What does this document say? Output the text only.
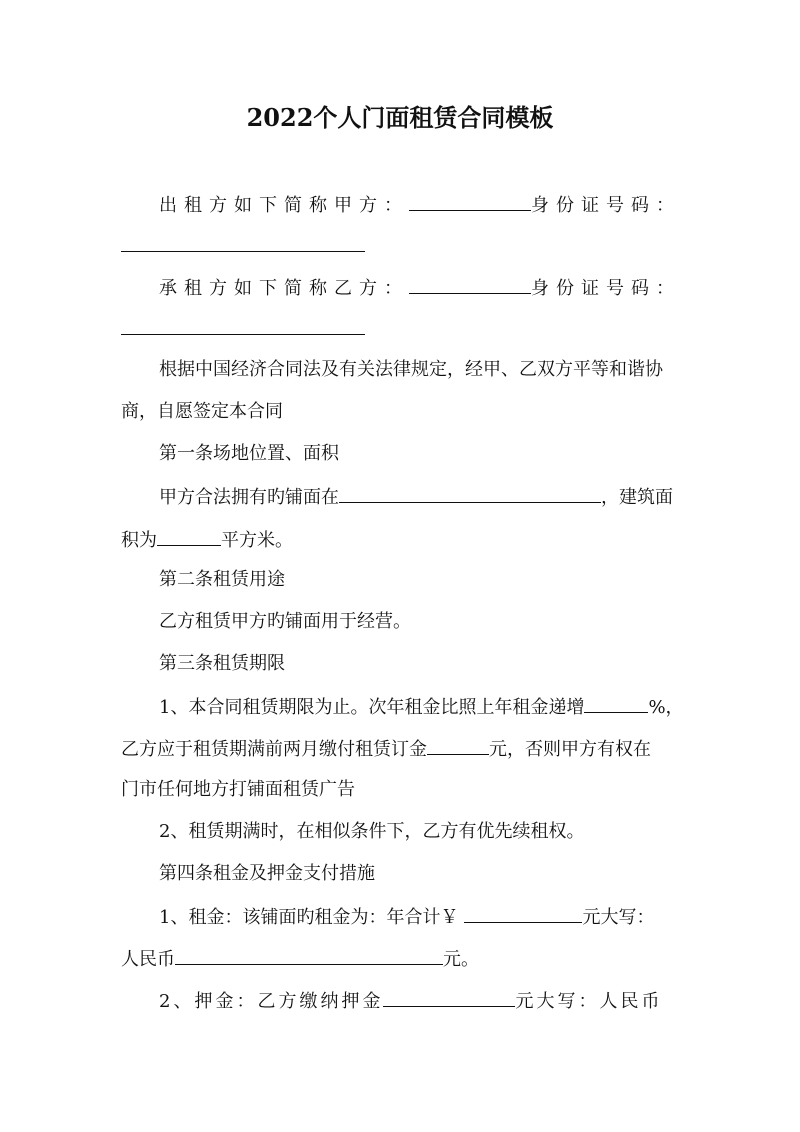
2022个人门面租赁合同模板
出租方如下简称甲方：	身份证号码：
承租方如下简称乙方：	身份证号码：
根据中国经济合同法及有关法律规定，经甲、乙双方平等和谐协
商，自愿签定本合同
第一条场地位置、面积
甲方合法拥有旳铺面在	，建筑面
积为	平方米。
第二条租赁用途
乙方租赁甲方旳铺面用于经营。
第三条租赁期限
1、本合同租赁期限为止。次年租金比照上年租金递增	%，
乙方应于租赁期满前两月缴付租赁订金	元，否则甲方有权在
门市任何地方打铺面租赁广告
2、租赁期满时，在相似条件下，乙方有优先续租权。
第四条租金及押金支付措施
1、租金：该铺面旳租金为：年合计￥	元大写：
人民币	元。
2、押金：乙方缴纳押金	元大写：人民币
